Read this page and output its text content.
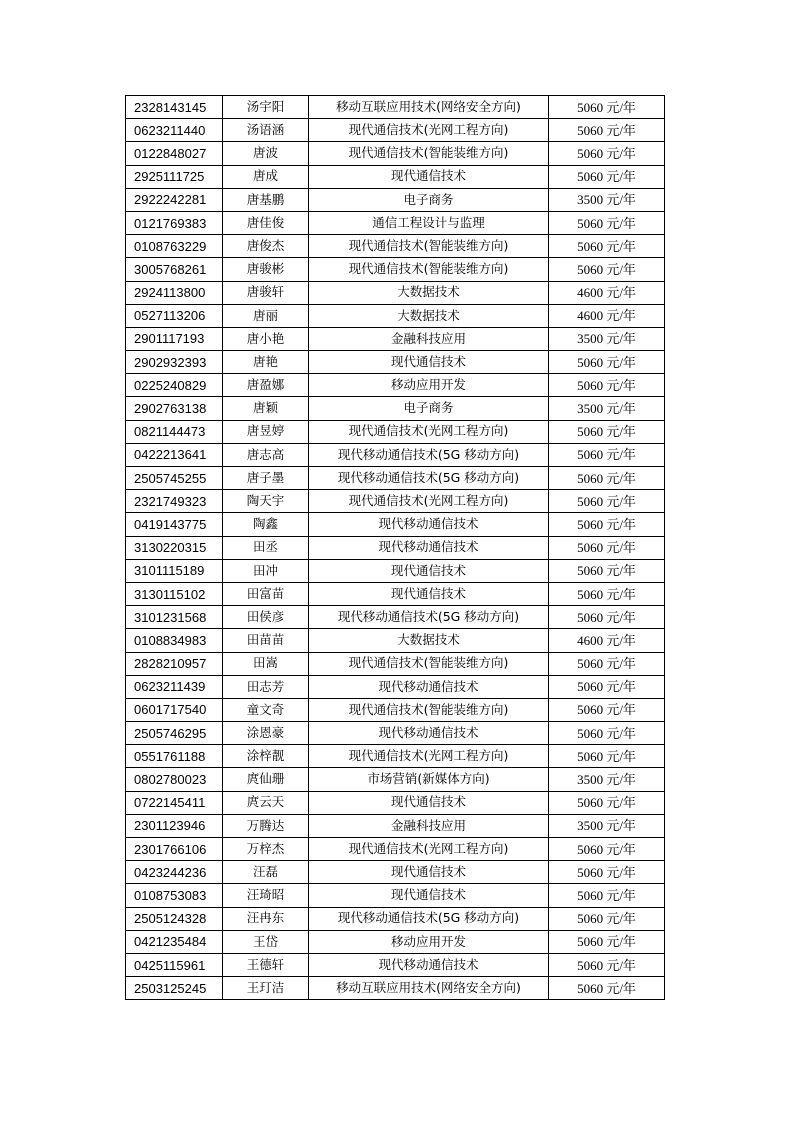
2328143145	汤宇阳	移动互联应用技术(网络安全方向)	5060 元/年
0623211440	汤语涵	现代通信技术(光网工程方向)	5060 元/年
0122848027	唐波	现代通信技术(智能装维方向)	5060 元/年
2925111725	唐成	现代通信技术	5060 元/年
2922242281	唐基鹏	电子商务	3500 元/年
0121769383	唐佳俊	通信工程设计与监理	5060 元/年
0108763229	唐俊杰	现代通信技术(智能装维方向)	5060 元/年
3005768261	唐骏彬	现代通信技术(智能装维方向)	5060 元/年
2924113800	唐骏轩	大数据技术	4600 元/年
0527113206	唐丽	大数据技术	4600 元/年
2901117193	唐小艳	金融科技应用	3500 元/年
2902932393	唐艳	现代通信技术	5060 元/年
0225240829	唐盈娜	移动应用开发	5060 元/年
2902763138	唐颖	电子商务	3500 元/年
0821144473	唐昱婷	现代通信技术(光网工程方向)	5060 元/年
0422213641	唐志高	现代移动通信技术(5G 移动方向)	5060 元/年
2505745255	唐子墨	现代移动通信技术(5G 移动方向)	5060 元/年
2321749323	陶天宇	现代通信技术(光网工程方向)	5060 元/年
0419143775	陶鑫	现代移动通信技术	5060 元/年
3130220315	田丞	现代移动通信技术	5060 元/年
3101115189	田冲	现代通信技术	5060 元/年
3130115102	田富苗	现代通信技术	5060 元/年
3101231568	田侯彦	现代移动通信技术(5G 移动方向)	5060 元/年
0108834983	田苗苗	大数据技术	4600 元/年
2828210957	田嵩	现代通信技术(智能装维方向)	5060 元/年
0623211439	田志芳	现代移动通信技术	5060 元/年
0601717540	童文奇	现代通信技术(智能装维方向)	5060 元/年
2505746295	涂恩豪	现代移动通信技术	5060 元/年
0551761188	涂梓靓	现代通信技术(光网工程方向)	5060 元/年
0802780023	庹仙珊	市场营销(新媒体方向)	3500 元/年
0722145411	庹云天	现代通信技术	5060 元/年
2301123946	万腾达	金融科技应用	3500 元/年
2301766106	万梓杰	现代通信技术(光网工程方向)	5060 元/年
0423244236	汪磊	现代通信技术	5060 元/年
0108753083	汪琦昭	现代通信技术	5060 元/年
2505124328	汪冉东	现代移动通信技术(5G 移动方向)	5060 元/年
0421235484	王岱	移动应用开发	5060 元/年
0425115961	王德轩	现代移动通信技术	5060 元/年
2503125245	王玎洁	移动互联应用技术(网络安全方向)	5060 元/年
